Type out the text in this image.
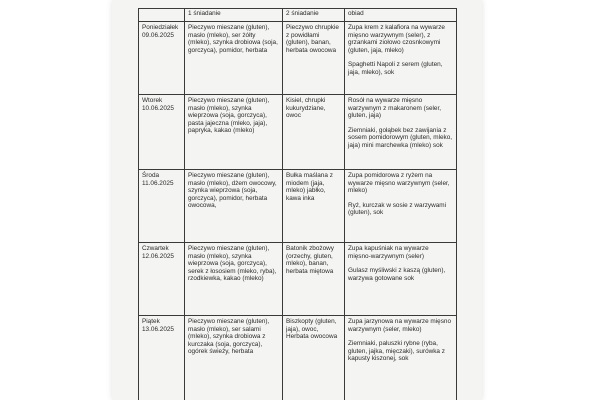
	1 śniadanie	2 śniadanie	obiad

Poniedziałek
09.06.2025	Pieczywo mieszane (gluten), masło (mleko), ser żółty (mleko), szynka drobiowa (soja, gorczyca), pomidor, herbata	Pieczywo chrupkie z powidłami (gluten), banan, herbata owocowa	Zupa krem z kalafiora na wywarze mięsno warzywnym (seler), z grzankami ziołowo czosnkowymi (gluten, jaja, mleko)
Spaghetti Napoli z serem (gluten, jaja, mleko), sok

Wtorek
10.06.2025	Pieczywo mieszane (gluten), masło (mleko), szynka wieprzowa (soja, gorczyca), pasta jajeczna (mleko, jaja), papryka, kakao (mleko)	Kisiel, chrupki kukurydziane, owoc	Rosół na wywarze mięsno warzywnym z makaronem (seler, gluten, jaja)
Ziemniaki, gołąbek bez zawijania z sosem pomidorowym (gluten, mleko, jaja) mini marchewka (mleko) sok

Środa
11.06.2025	Pieczywo mieszane (gluten), masło (mleko), dżem owocowy, szynka wieprzowa (soja, gorczyca), pomidor, herbata owocowa,	Bułka maślana z miodem (jaja, mleko) jabłko, kawa inka	Zupa pomidorowa z ryżem na wywarze mięsno warzywnym (seler, mleko)
Ryż, kurczak w sosie z warzywami (gluten), sok

Czwartek
12.06.2025	Pieczywo mieszane (gluten), masło (mleko), szynka wieprzowa (soja, gorczyca), serek z łososiem (mleko, ryba), rzodkiewka, kakao (mleko)	Batonik zbożowy (orzechy, gluten, mleko), banan, herbata miętowa	Zupa kapuśniak na wywarze mięsno-warzywnym (seler)
Gulasz myśliwski z kaszą (gluten), warzywa gotowane sok

Piątek
13.06.2025	Pieczywo mieszane (gluten), masło (mleko), ser salami (mleko), szynka drobiowa z kurczaka (soja, gorczyca), ogórek świeży, herbata	Biszkopty (gluten, jaja), owoc, Herbata owocowa	Zupa jarzynowa na wywarze mięsno warzywnym (seler, mleko)
Ziemniaki, paluszki rybne (ryba, gluten, jajka, mięczaki), surówka z kapusty kiszonej, sok
